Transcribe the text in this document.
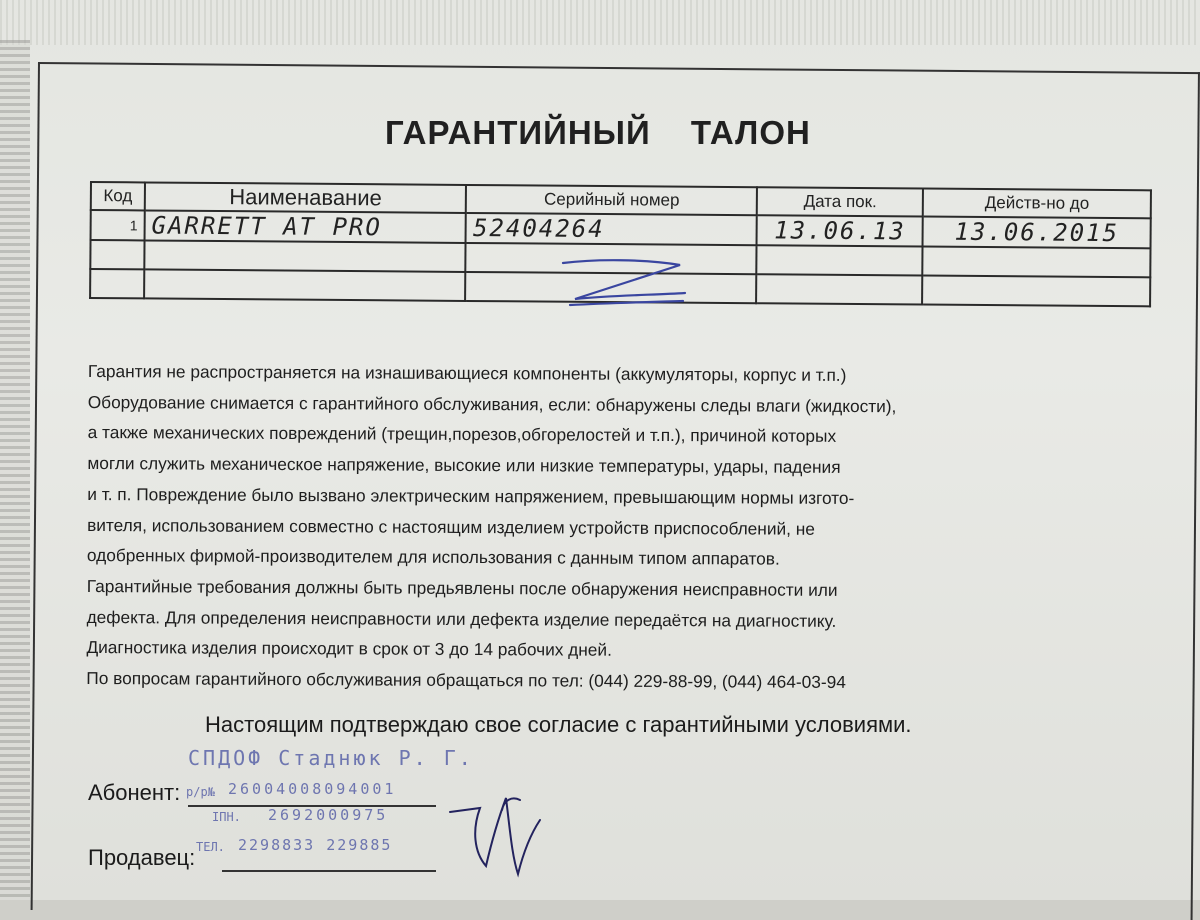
ГАРАНТИЙНЫЙ ТАЛОН
Код	Наименавание	Серийный номер	Дата пок.	Действ-но до
1	GARRETT AT PRO	52404264	13.06.13	13.06.2015

Гарантия не распространяется на изнашивающиеся компоненты (аккумуляторы, корпус и т.п.)
Оборудование снимается с гарантийного обслуживания, если: обнаружены следы влаги (жидкости),
а также механических повреждений (трещин,порезов,обгорелостей и т.п.), причиной которых
могли служить механическое напряжение, высокие или низкие температуры, удары, падения
и т. п. Повреждение было вызвано электрическим напряжением, превышающим нормы изгото-
вителя, использованием совместно с настоящим изделием устройств приспособлений, не
одобренных фирмой-производителем для использования с данным типом аппаратов.
Гарантийные требования должны быть предьявлены после обнаружения неисправности или
дефекта. Для определения неисправности или дефекта изделие передаётся на диагностику.
Диагностика изделия происходит в срок от 3 до 14 рабочих дней.
По вопросам гарантийного обслуживания обращаться по тел: (044) 229-88-99, (044) 464-03-94
Настоящим подтверждаю свое согласие с гарантийными условиями.
Абонент:
Продавец:
СПДОФ Стаднюк Р. Г.
р/р№ 26004008094001
ІПН. 2692000975
ТЕЛ. 2298833 229885
